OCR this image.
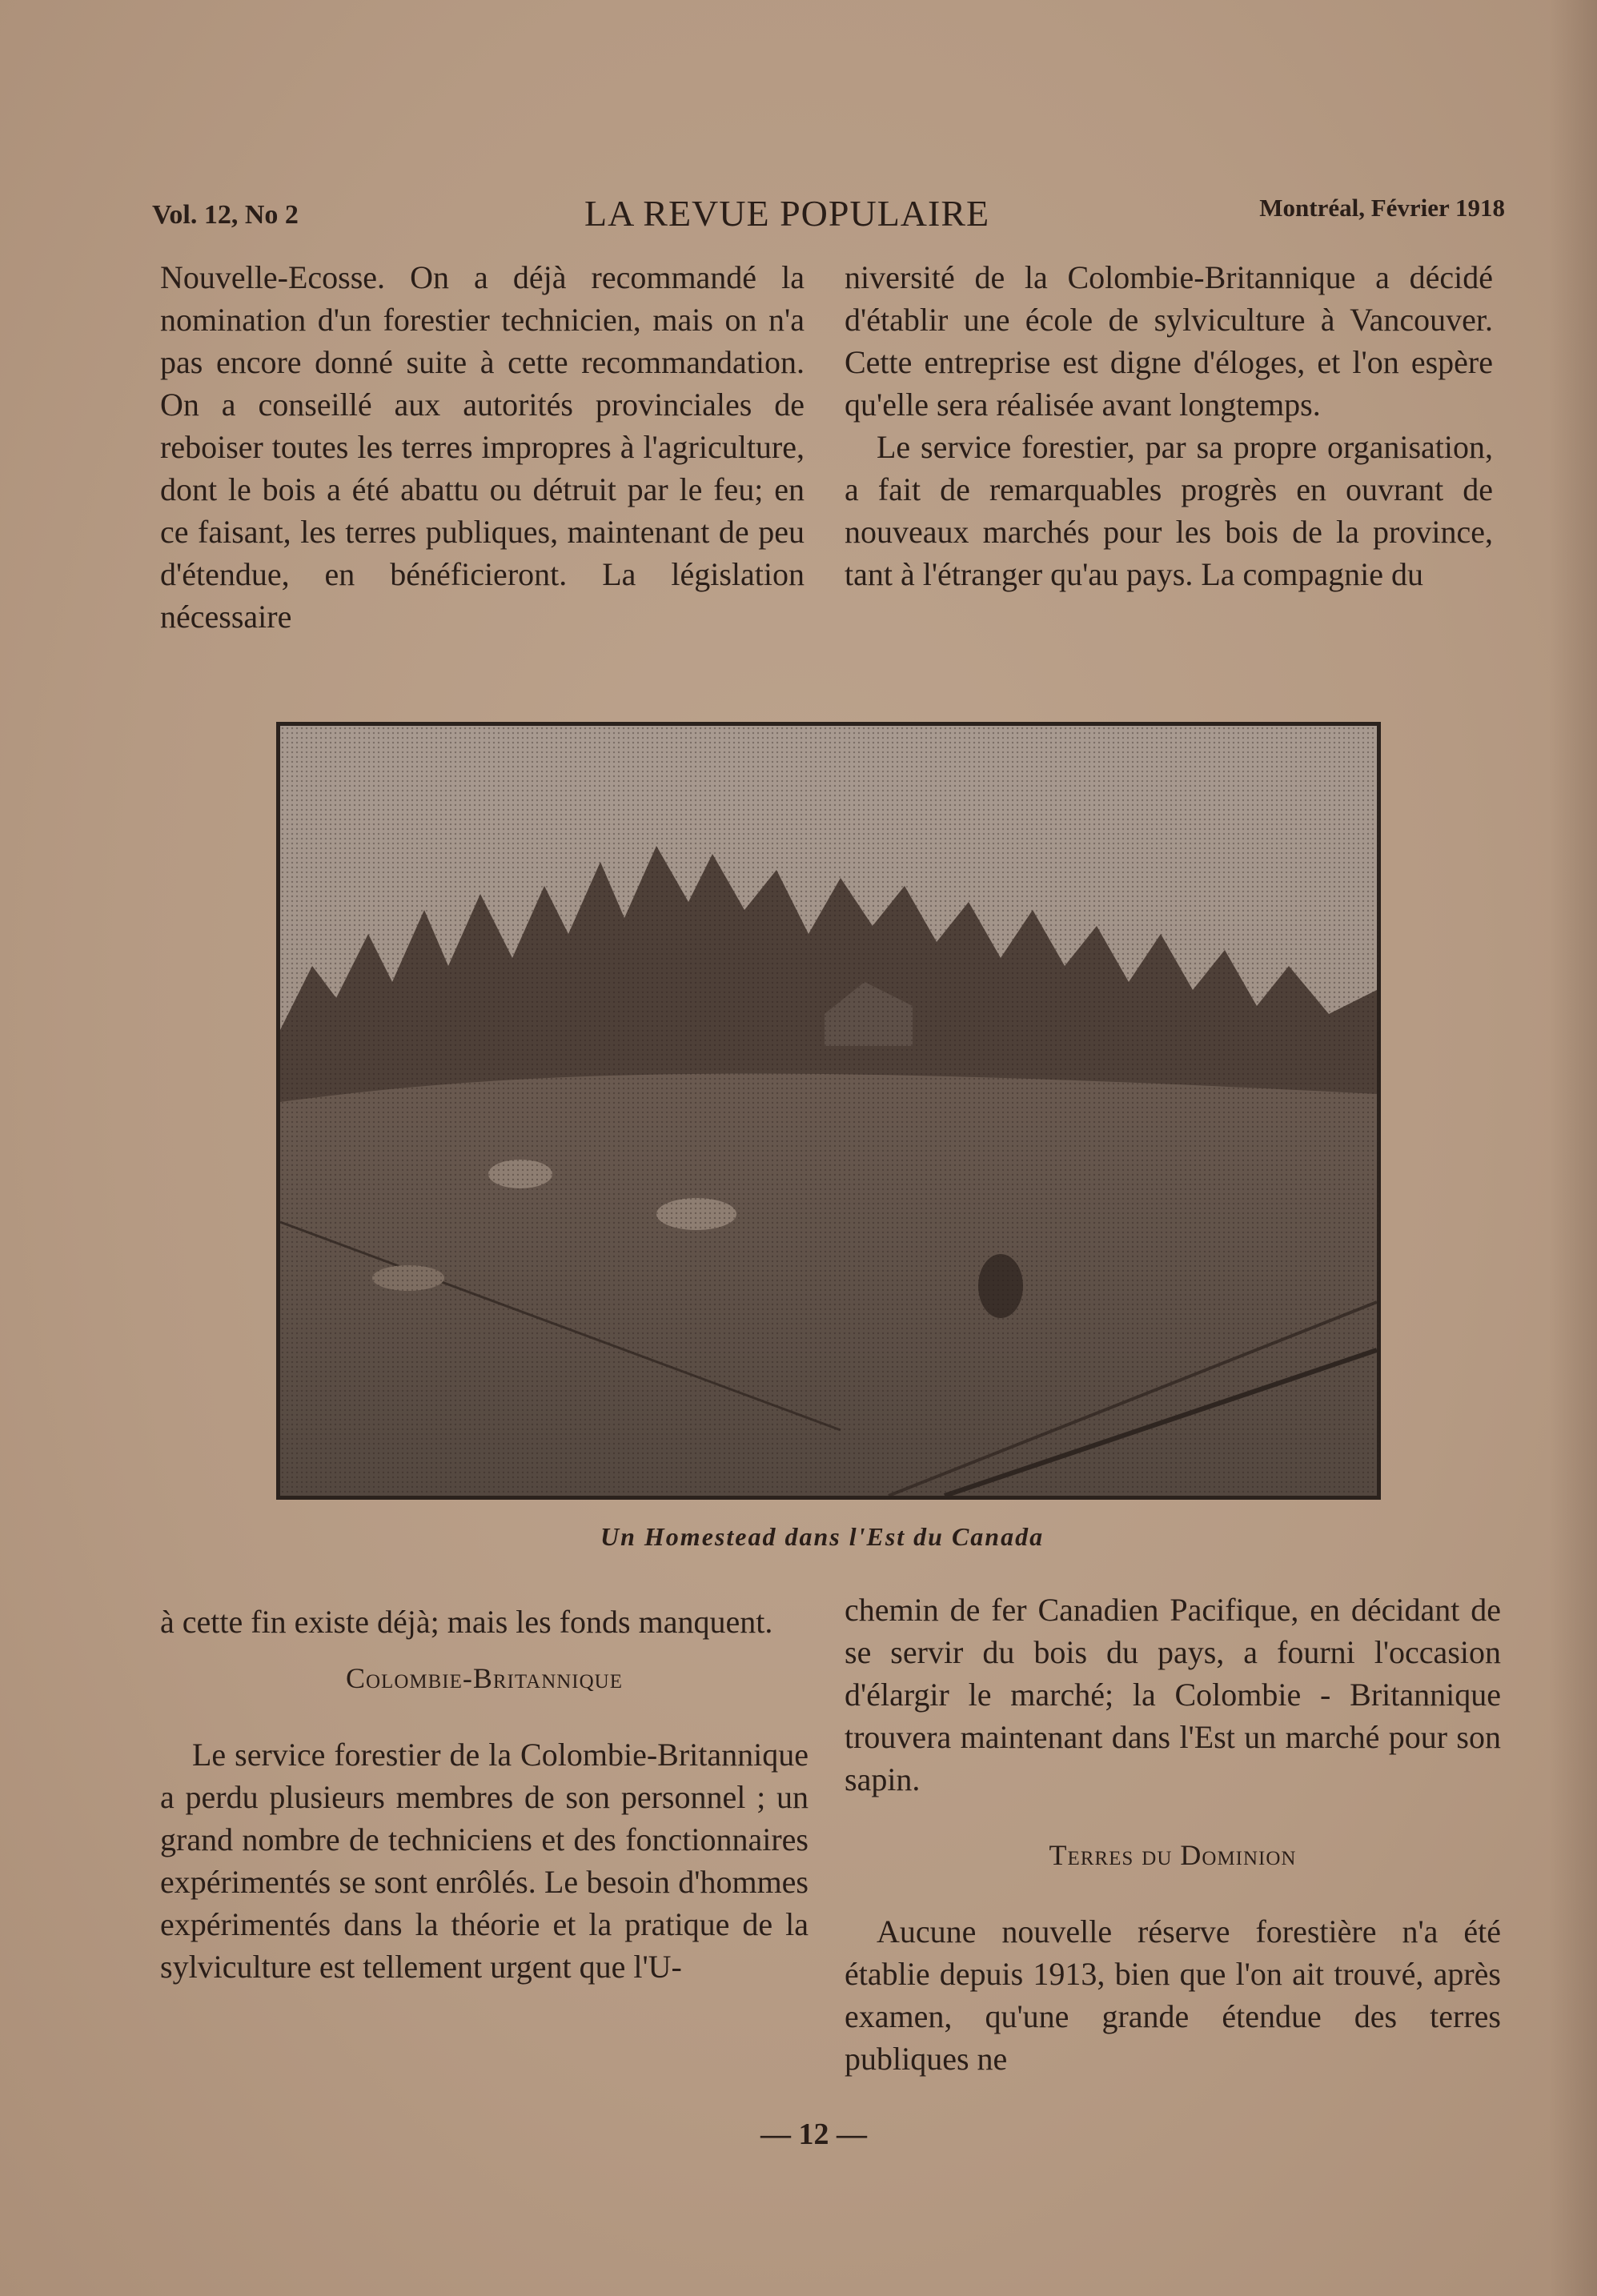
Vol. 12, No 2	LA REVUE POPULAIRE	Montréal, Février 1918

Nouvelle-Ecosse. On a déjà recommandé la nomination d'un forestier technicien, mais on n'a pas encore donné suite à cette recommandation. On a conseillé aux autorités provinciales de reboiser toutes les terres impropres à l'agriculture, dont le bois a été abattu ou détruit par le feu; en ce faisant, les terres publiques, maintenant de peu d'étendue, en bénéficieront. La législation nécessaire

niversité de la Colombie-Britannique a décidé d'établir une école de sylviculture à Vancouver. Cette entreprise est digne d'éloges, et l'on espère qu'elle sera réalisée avant longtemps.

Le service forestier, par sa propre organisation, a fait de remarquables progrès en ouvrant de nouveaux marchés pour les bois de la province, tant à l'étranger qu'au pays. La compagnie du

Un Homestead dans l'Est du Canada

à cette fin existe déjà; mais les fonds manquent.

Colombie-Britannique

Le service forestier de la Colombie-Britannique a perdu plusieurs membres de son personnel ; un grand nombre de techniciens et des fonctionnaires expérimentés se sont enrôlés. Le besoin d'hommes expérimentés dans la théorie et la pratique de la sylviculture est tellement urgent que l'U-

chemin de fer Canadien Pacifique, en décidant de se servir du bois du pays, a fourni l'occasion d'élargir le marché; la Colombie - Britannique trouvera maintenant dans l'Est un marché pour son sapin.

Terres du Dominion

Aucune nouvelle réserve forestière n'a été établie depuis 1913, bien que l'on ait trouvé, après examen, qu'une grande étendue des terres publiques ne

— 12 —
